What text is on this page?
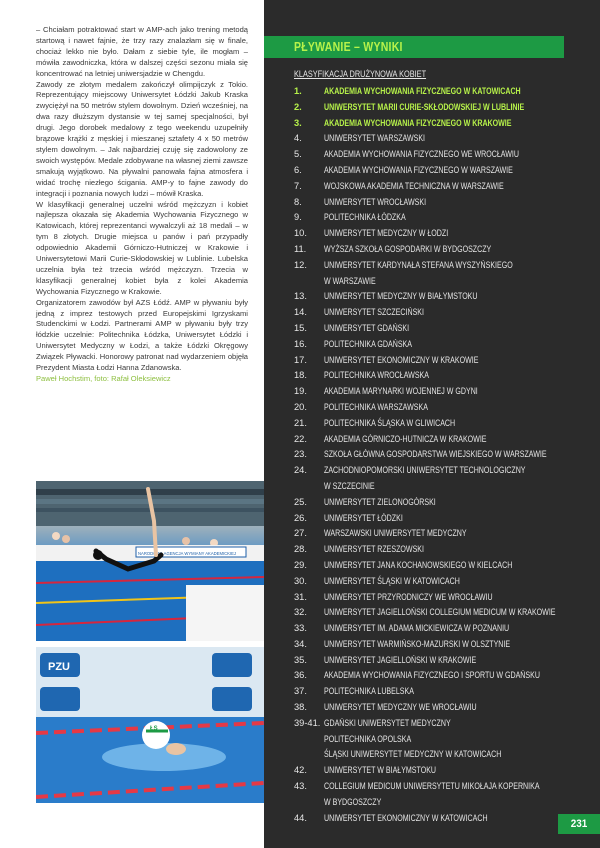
– Chciałam potraktować start w AMP-ach jako trening metodą startową i nawet fajnie, że trzy razy znalazłam się w finale, chociaż lekko nie było. Dałam z siebie tyle, ile mogłam – mówiła zawodniczka, która w dalszej części sezonu miała się koncentrować na letniej uniwersjadzie w Chengdu.

Zawody ze złotym medalem zakończył olimpijczyk z Tokio. Reprezentujący miejscowy Uniwersytet Łódzki Jakub Kraska zwyciężył na 50 metrów stylem dowolnym. Dzień wcześniej, na dwa razy dłuższym dystansie w tej samej specjalności, był drugi. Jego dorobek medalowy z tego weekendu uzupełniły brązowe krążki z męskiej i mieszanej sztafety 4 x 50 metrów stylem dowolnym. – Jak najbardziej czuję się zadowolony ze swoich występów. Medale zdobywane na własnej ziemi zawsze smakują wyjątkowo. Na pływalni panowała fajna atmosfera i widać trochę niezłego ścigania. AMP-y to fajne zawody do integracji i poznania nowych ludzi – mówił Kraska.

W klasyfikacji generalnej uczelni wśród mężczyzn i kobiet najlepsza okazała się Akademia Wychowania Fizycznego w Katowicach, której reprezentanci wywalczyli aż 18 medali – w tym 8 złotych. Drugie miejsca u panów i pań przypadły odpowiednio Akademii Górniczo-Hutniczej w Krakowie i Uniwersytetowi Marii Curie-Skłodowskiej w Lublinie. Lubelska uczelnia była też trzecia wśród mężczyzn. Trzecia w klasyfikacji generalnej kobiet była z kolei Akademia Wychowania Fizycznego w Krakowie.

Organizatorem zawodów był AZS Łódź. AMP w pływaniu były jedną z imprez testowych przed Europejskimi Igrzyskami Studenckimi w Łodzi. Partnerami AMP w pływaniu były trzy łódzkie uczelnie: Politechnika Łódzka, Uniwersytet Łódzki i Uniwersytet Medyczny w Łodzi, a także Łódzki Okręgowy Związek Pływacki. Honorowy patronat nad wydarzeniem objęła Prezydent Miasta Łodzi Hanna Zdanowska.

Paweł Hochstim, foto: Rafał Oleksiewicz

NARODOWA AGENCJA WYMIANY AKADEMICKIEJ
PZU
ŁS
PŁYWANIE – WYNIKI
KLASYFIKACJA DRUŻYNOWA KOBIET
1. AKADEMIA WYCHOWANIA FIZYCZNEGO W KATOWICACH
2. UNIWERSYTET MARII CURIE-SKŁODOWSKIEJ W LUBLINIE
3. AKADEMIA WYCHOWANIA FIZYCZNEGO W KRAKOWIE
4. UNIWERSYTET WARSZAWSKI
5. AKADEMIA WYCHOWANIA FIZYCZNEGO WE WROCŁAWIU
6. AKADEMIA WYCHOWANIA FIZYCZNEGO W WARSZAWIE
7. WOJSKOWA AKADEMIA TECHNICZNA W WARSZAWIE
8. UNIWERSYTET WROCŁAWSKI
9. POLITECHNIKA ŁÓDZKA
10. UNIWERSYTET MEDYCZNY W ŁODZI
11. WYŻSZA SZKOŁA GOSPODARKI W BYDGOSZCZY
12. UNIWERSYTET KARDYNAŁA STEFANA WYSZYŃSKIEGO
W WARSZAWIE
13. UNIWERSYTET MEDYCZNY W BIAŁYMSTOKU
14. UNIWERSYTET SZCZECIŃSKI
15. UNIWERSYTET GDAŃSKI
16. POLITECHNIKA GDAŃSKA
17. UNIWERSYTET EKONOMICZNY W KRAKOWIE
18. POLITECHNIKA WROCŁAWSKA
19. AKADEMIA MARYNARKI WOJENNEJ W GDYNI
20. POLITECHNIKA WARSZAWSKA
21. POLITECHNIKA ŚLĄSKA W GLIWICACH
22. AKADEMIA GÓRNICZO-HUTNICZA W KRAKOWIE
23. SZKOŁA GŁÓWNA GOSPODARSTWA WIEJSKIEGO W WARSZAWIE
24. ZACHODNIOPOMORSKI UNIWERSYTET TECHNOLOGICZNY
W SZCZECINIE
25. UNIWERSYTET ZIELONOGÓRSKI
26. UNIWERSYTET ŁÓDZKI
27. WARSZAWSKI UNIWERSYTET MEDYCZNY
28. UNIWERSYTET RZESZOWSKI
29. UNIWERSYTET JANA KOCHANOWSKIEGO W KIELCACH
30. UNIWERSYTET ŚLĄSKI W KATOWICACH
31. UNIWERSYTET PRZYRODNICZY WE WROCŁAWIU
32. UNIWERSYTET JAGIELLOŃSKI COLLEGIUM MEDICUM W KRAKOWIE
33. UNIWERSYTET IM. ADAMA MICKIEWICZA W POZNANIU
34. UNIWERSYTET WARMIŃSKO-MAZURSKI W OLSZTYNIE
35. UNIWERSYTET JAGIELLOŃSKI W KRAKOWIE
36. AKADEMIA WYCHOWANIA FIZYCZNEGO I SPORTU W GDAŃSKU
37. POLITECHNIKA LUBELSKA
38. UNIWERSYTET MEDYCZNY WE WROCŁAWIU
39-41. GDAŃSKI UNIWERSYTET MEDYCZNY
POLITECHNIKA OPOLSKA
ŚLĄSKI UNIWERSYTET MEDYCZNY W KATOWICACH
42. UNIWERSYTET W BIAŁYMSTOKU
43. COLLEGIUM MEDICUM UNIWERSYTETU MIKOŁAJA KOPERNIKA
W BYDGOSZCZY
44. UNIWERSYTET EKONOMICZNY W KATOWICACH
231
